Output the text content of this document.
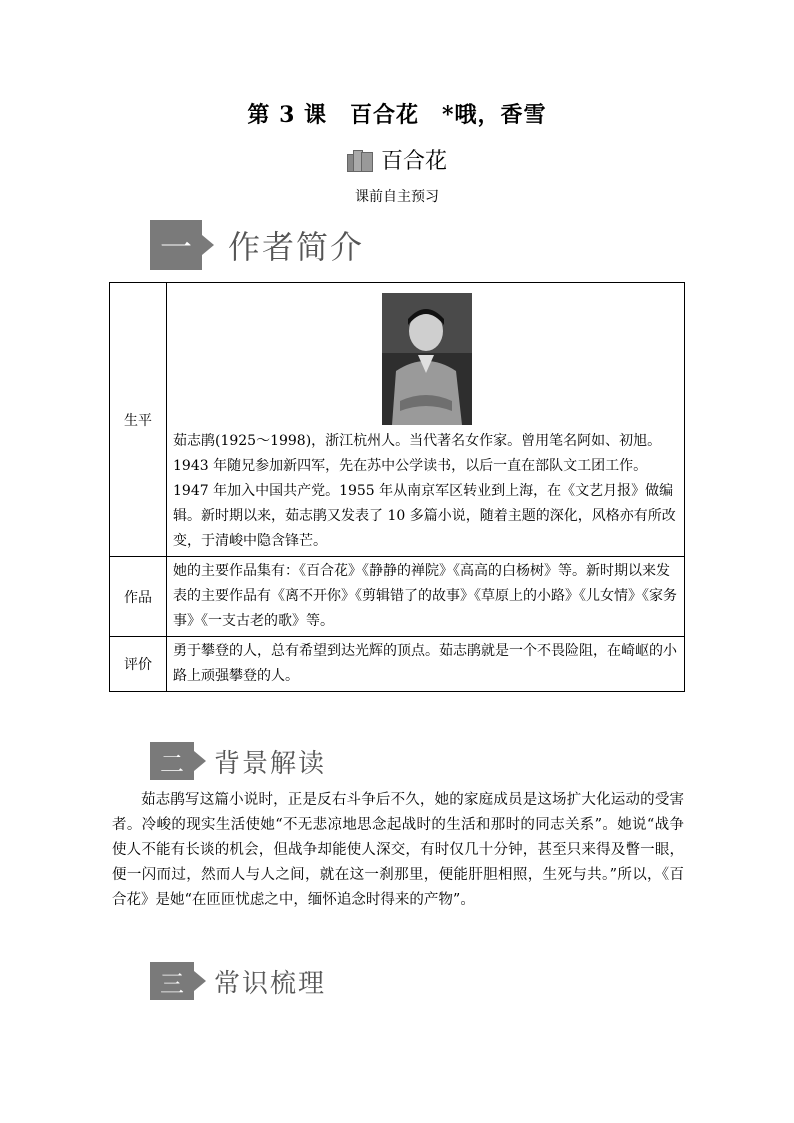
第 3 课　百合花　*哦，香雪
百合花
课前自主预习
一	作者简介
生平	茹志鹃(1925～1998)，浙江杭州人。当代著名女作家。曾用笔名阿如、初旭。1943 年随兄参加新四军，先在苏中公学读书，以后一直在部队文工团工作。1947 年加入中国共产党。1955 年从南京军区转业到上海，在《文艺月报》做编辑。新时期以来，茹志鹃又发表了 10 多篇小说，随着主题的深化，风格亦有所改变，于清峻中隐含锋芒。

作品	她的主要作品集有：《百合花》《静静的禅院》《高高的白杨树》等。新时期以来发表的主要作品有《离不开你》《剪辑错了的故事》《草原上的小路》《儿女情》《家务事》《一支古老的歌》等。
评价	勇于攀登的人，总有希望到达光辉的顶点。茹志鹃就是一个不畏险阻，在崎岖的小路上顽强攀登的人。
二	背景解读
茹志鹃写这篇小说时，正是反右斗争后不久，她的家庭成员是这场扩大化运动的受害者。冷峻的现实生活使她“不无悲凉地思念起战时的生活和那时的同志关系”。她说“战争使人不能有长谈的机会，但战争却能使人深交，有时仅几十分钟，甚至只来得及瞥一眼，便一闪而过，然而人与人之间，就在这一刹那里，便能肝胆相照，生死与共。”所以，《百合花》是她“在匝匝忧虑之中，缅怀追念时得来的产物”。
三	常识梳理
